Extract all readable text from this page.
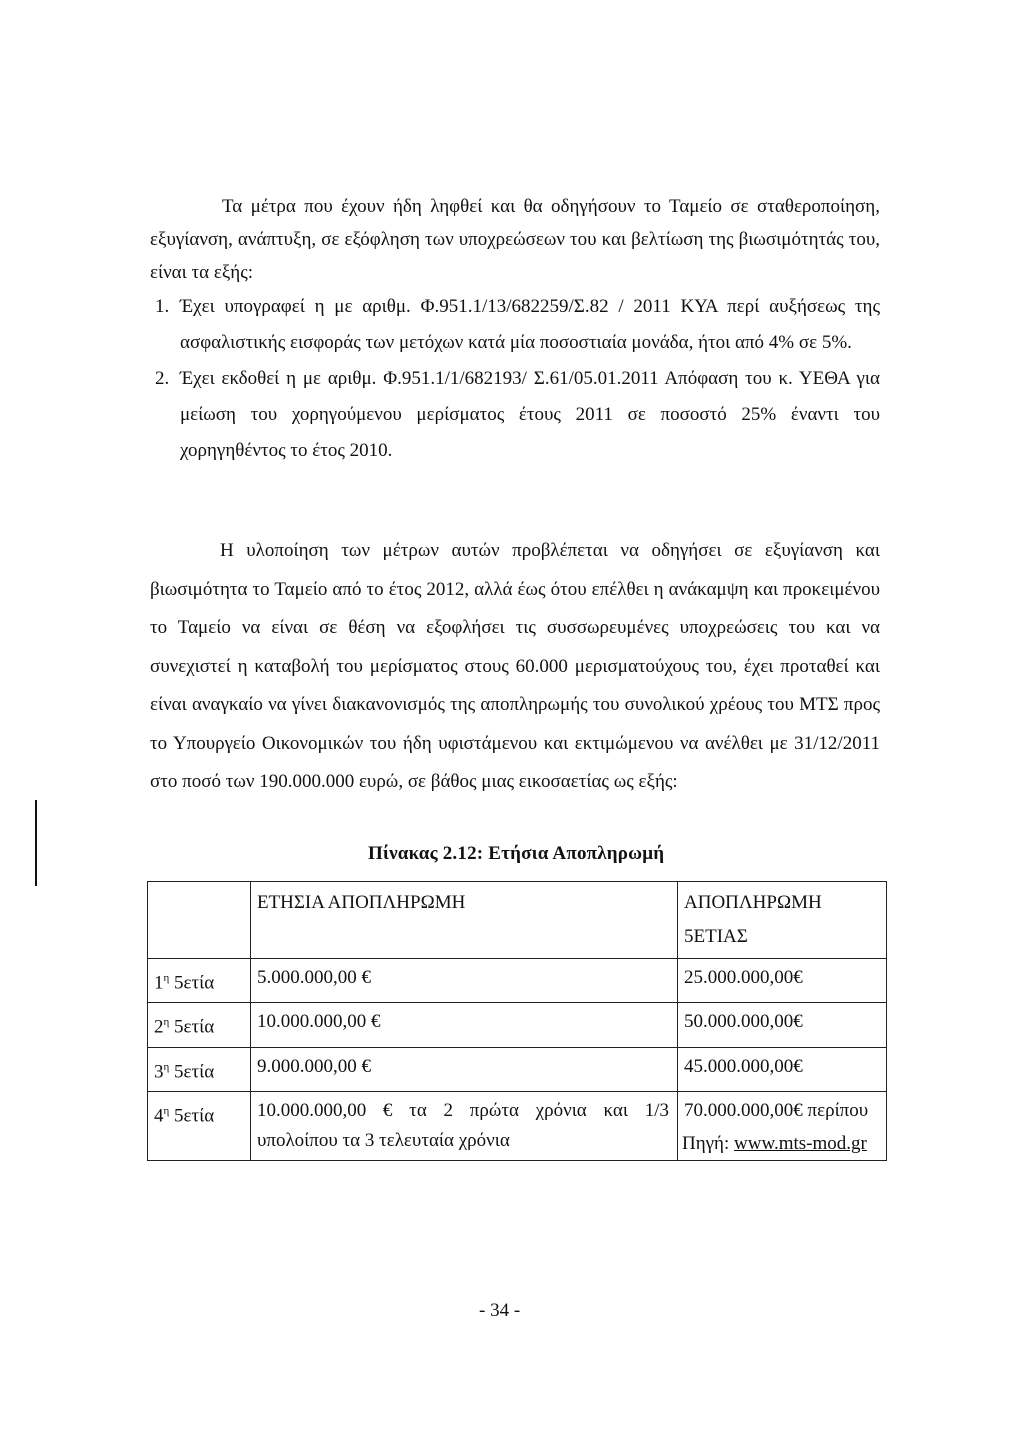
Τα μέτρα που έχουν ήδη ληφθεί και θα οδηγήσουν το Ταμείο σε σταθεροποίηση, εξυγίανση, ανάπτυξη, σε εξόφληση των υποχρεώσεων του και βελτίωση της βιωσιμότητάς του, είναι τα εξής:
1. Έχει υπογραφεί η με αριθμ. Φ.951.1/13/682259/Σ.82 / 2011 ΚΥΑ περί αυξήσεως της ασφαλιστικής εισφοράς των μετόχων κατά μία ποσοστιαία μονάδα, ήτοι από 4% σε 5%.
2. Έχει εκδοθεί η με αριθμ. Φ.951.1/1/682193/ Σ.61/05.01.2011 Απόφαση του κ. ΥΕΘΑ για μείωση του χορηγούμενου μερίσματος έτους 2011 σε ποσοστό 25% έναντι του χορηγηθέντος το έτος 2010.
Η υλοποίηση των μέτρων αυτών προβλέπεται να οδηγήσει σε εξυγίανση και βιωσιμότητα το Ταμείο από το έτος 2012, αλλά έως ότου επέλθει η ανάκαμψη και προκειμένου το Ταμείο να είναι σε θέση να εξοφλήσει τις συσσωρευμένες υποχρεώσεις του και να συνεχιστεί η καταβολή του μερίσματος στους 60.000 μερισματούχους του, έχει προταθεί και είναι αναγκαίο να γίνει διακανονισμός της αποπληρωμής του συνολικού χρέους του ΜΤΣ προς το Υπουργείο Οικονομικών του ήδη υφιστάμενου και εκτιμώμενου να ανέλθει με 31/12/2011 στο ποσό των 190.000.000 ευρώ, σε βάθος μιας εικοσαετίας ως εξής:
Πίνακας 2.12: Ετήσια Αποπληρωμή
	ΕΤΗΣΙΑ ΑΠΟΠΛΗΡΩΜΗ	ΑΠΟΠΛΗΡΩΜΗ 5ΕΤΙΑΣ
$1^\eta$ 5ετία	5.000.000,00 €	25.000.000,00€
$2^\eta$ 5ετία	10.000.000,00 €	50.000.000,00€
$3^\eta$ 5ετία	9.000.000,00 €	45.000.000,00€
$4^\eta$ 5ετία	10.000.000,00 € τα 2 πρώτα χρόνια και 1/3 υπολοίπου τα 3 τελευταία χρόνια	70.000.000,00€ περίπου
Πηγή: www.mts-mod.gr
- 34 -
